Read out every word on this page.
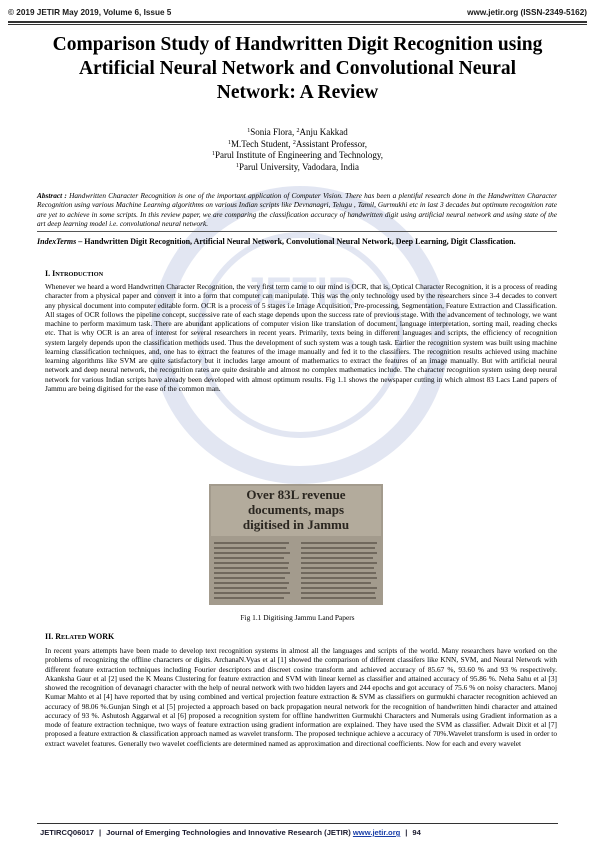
© 2019 JETIR May 2019, Volume 6, Issue 5	www.jetir.org (ISSN-2349-5162)
JETIR
Comparison Study of Handwritten Digit Recognition using Artificial Neural Network and Convolutional Neural Network: A Review
$^1$Sonia Flora, $^2$Anju Kakkad
$^1$M.Tech Student, $^2$Assistant Professor,
$^1$Parul Institute of Engineering and Technology,
$^1$Parul University, Vadodara, India
Abstract : Handwritten Character Recognition is one of the important application of Computer Vision. There has been a plentiful research done in the Handwritten Character Recognition using various Machine Learning algorithms on various Indian scripts like Devnanagri, Telugu , Tamil, Gurmukhi etc in last 3 decades but optimum recognition rate are yet to achieve in some scripts. In this review paper, we are comparing the classification accuracy of handwritten digit using artificial neural network and using state of the art deep learning model i.e. convolutional neural network.
IndexTerms – Handwritten Digit Recognition, Artificial Neural Network, Convolutional Neural Network, Deep Learning, Digit Classfication.
I. INTRODUCTION
Whenever we heard a word Handwritten Character Recognition, the very first term came to our mind is OCR, that is, Optical Character Recognition, it is a process of reading character from a physical paper and convert it into a form that computer can manipulate. This was the only technology used by the researchers since 3-4 decades to convert any physical document into computer editable form. OCR is a process of 5 stages i.e Image Acquisition, Pre-processing, Segmentation, Feature Extraction and Classification. All stages of OCR follows the pipeline concept, successive rate of each stage depends upon the success rate of previous stage. With the advancement of technology, we want machine to perform maximum task. There are abundant applications of computer vision like translation of document, language interpretation, sorting mail, reading checks etc. That is why OCR is an area of interest for several researchers in recent years. Primarily, texts being in different languages and scripts, the efficiency of recognition system largely depends upon the classification methods used. Thus the development of such system was a tough task. Earlier the recognition system was built using machine learning classification techniques, and, one has to extract the features of the image manually and fed it to the classifiers. The recognition results achieved using machine learning algorithms like SVM are quite satisfactory but it includes large amount of mathematics to extract the features of an image manually. But with artificial neural network and deep neural network, the recognition rates are quite desirable and almost no complex mathematics include. The character recognition system using deep neural network for various Indian scripts have already been developed with almost optimum results. Fig 1.1 shows the newspaper cutting in which almost 83 Lacs Land papers of Jammu are being digitised for the ease of the common man.
Over 83L revenue
documents, maps
digitised in Jammu
Fig 1.1 Digitising Jammu Land Papers
II. RELATED WORK
In recent years attempts have been made to develop text recognition systems in almost all the languages and scripts of the world. Many researchers have worked on the problems of recognizing the offline characters or digits. ArchanaN.Vyas et al [1] showed the comparison of different classifers like KNN, SVM, and Neural Network with different feature extraction techniques including Fourier descriptors and discreet cosine transform and achieved accuracy of 85.67 %, 93.60 % and 93 % respectively. Akanksha Gaur et al [2] used the K Means Clustering for feature extraction and SVM with linear kernel as classifier and attained accuracy of 95.86 %. Neha Sahu et al [3] showed the recognition of devanagri character with the help of neural network with two hidden layers and 244 epochs and got accuracy of 75.6 % on noisy characters. Manoj Kumar Mahto et al [4] have reported that by using combined and vertical projection feature extraction & SVM as classifiers on gurmukhi character recognition achieved an accuracy of 98.06 %.Gunjan Singh et al [5] projected a approach based on back propagation neural network for the recognition of handwritten hindi character and attained accuracy of 93 %. Ashutosh Aggarwal et al [6] proposed a recognition system for offline handwritten Gurmukhi Characters and Numerals using Gradient information as a mode of feature extraction technique, two ways of feature extraction using gradient information are explained. They have used the SVM as classifier. Adwait Dixit et al [7] proposed a feature extraction & classification approach named as wavelet transform. The proposed technique achieve a accuracy of 70%.Wavelet transform is used in order to extract wavelet features. Generally two wavelet coefficients are determined named as approximation and directional coefficients. Now for each and every wavelet
JETIRCQ06017 | Journal of Emerging Technologies and Innovative Research (JETIR) www.jetir.org | 94
